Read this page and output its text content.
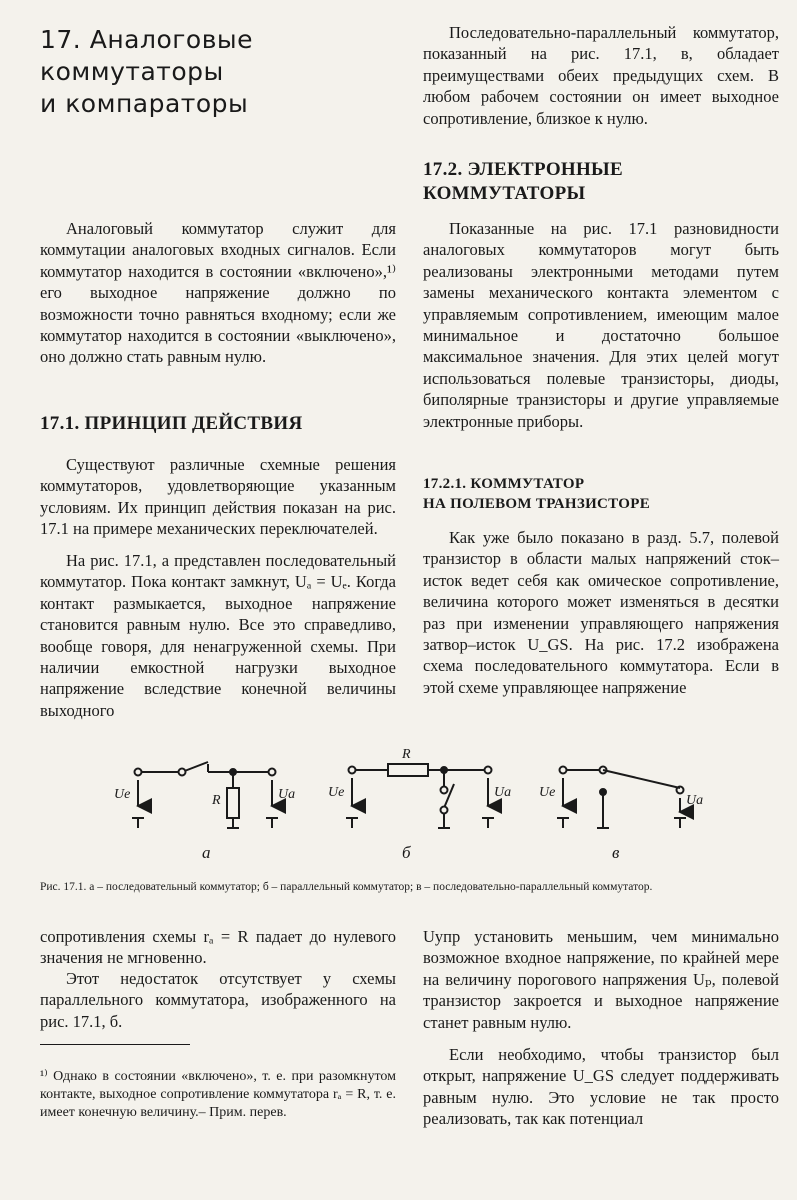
17. Аналоговые
коммутаторы
и компараторы

Аналоговый коммутатор служит для коммутации аналоговых входных сигналов. Если коммутатор находится в состоянии «включено»,¹⁾ его выходное напряжение должно по возможности точно равняться входному; если же коммутатор находится в состоянии «выключено», оно должно стать равным нулю.

17.1. ПРИНЦИП ДЕЙСТВИЯ

Существуют различные схемные решения коммутаторов, удовлетворяющие указанным условиям. Их принцип действия показан на рис. 17.1 на примере механических переключателей.

На рис. 17.1, а представлен последовательный коммутатор. Пока контакт замкнут, Uₐ = Uₑ. Когда контакт размыкается, выходное напряжение становится равным нулю. Все это справедливо, вообще говоря, для ненагруженной схемы. При наличии емкостной нагрузки выходное напряжение вследствие конечной величины выходного

Последовательно-параллельный коммутатор, показанный на рис. 17.1, в, обладает преимуществами обеих предыдущих схем. В любом рабочем состоянии он имеет выходное сопротивление, близкое к нулю.

17.2. ЭЛЕКТРОННЫЕ
КОММУТАТОРЫ

Показанные на рис. 17.1 разновидности аналоговых коммутаторов могут быть реализованы электронными методами путем замены механического контакта элементом с управляемым сопротивлением, имеющим малое минимальное и достаточно большое максимальное значения. Для этих целей могут использоваться полевые транзисторы, диоды, биполярные транзисторы и другие управляемые электронные приборы.

17.2.1. КОММУТАТОР
НА ПОЛЕВОМ ТРАНЗИСТОРЕ

Как уже было показано в разд. 5.7, полевой транзистор в области малых напряжений сток–исток ведет себя как омическое сопротивление, величина которого может изменяться в десятки раз при изменении управляющего напряжения затвор–исток U_GS. На рис. 17.2 изображена схема последовательного коммутатора. Если в этой схеме управляющее напряжение

Ue	Ua
R
Ue	Ua
R
Ue
Ua
а	б	в
Рис. 17.1. а – последовательный коммутатор; б – параллельный коммутатор; в – последовательно-параллельный коммутатор.

сопротивления схемы rₐ = R падает до нулевого значения не мгновенно.

Этот недостаток отсутствует у схемы параллельного коммутатора, изображенного на рис. 17.1, б.

¹⁾ Однако в состоянии «включено», т. е. при разомкнутом контакте, выходное сопротивление коммутатора rₐ = R, т. е. имеет конечную величину.– Прим. перев.

Uупр установить меньшим, чем минимально возможное входное напряжение, по крайней мере на величину порогового напряжения Uₚ, полевой транзистор закроется и выходное напряжение станет равным нулю.

Если необходимо, чтобы транзистор был открыт, напряжение U_GS следует поддерживать равным нулю. Это условие не так просто реализовать, так как потенциал
